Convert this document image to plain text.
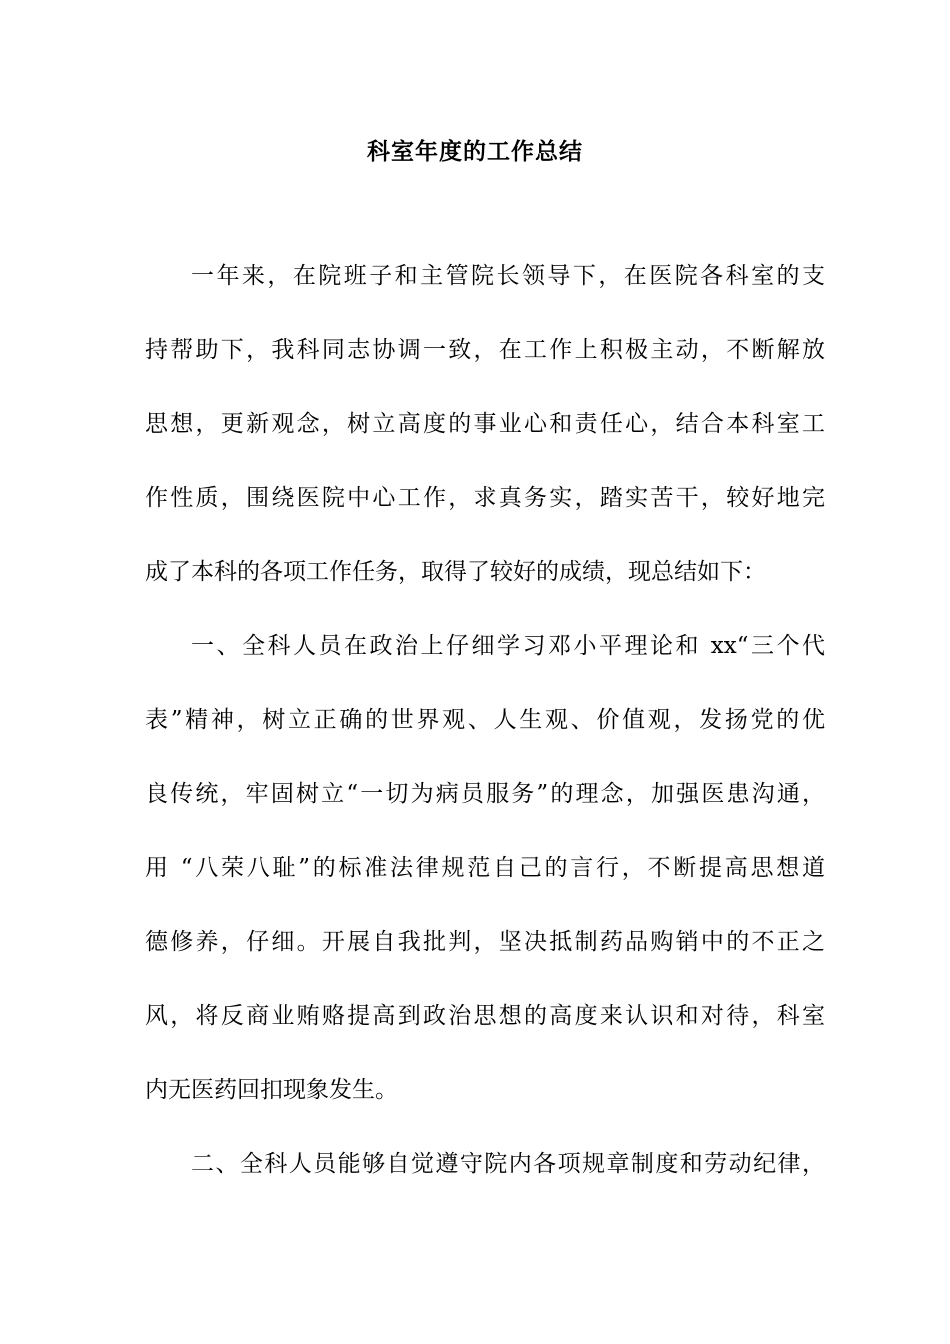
科室年度的工作总结
一年来，在院班子和主管院长领导下，在医院各科室的支
持帮助下，我科同志协调一致，在工作上积极主动，不断解放
思想，更新观念，树立高度的事业心和责任心，结合本科室工
作性质，围绕医院中心工作，求真务实，踏实苦干，较好地完
成了本科的各项工作任务，取得了较好的成绩，现总结如下：
一、全科人员在政治上仔细学习邓小平理论和 xx“三个代
表”精神，树立正确的世界观、人生观、价值观，发扬党的优
良传统，牢固树立“一切为病员服务”的理念，加强医患沟通，
用 “八荣八耻”的标准法律规范自己的言行，不断提高思想道
德修养，仔细。开展自我批判，坚决抵制药品购销中的不正之
风，将反商业贿赂提高到政治思想的高度来认识和对待，科室
内无医药回扣现象发生。
二、全科人员能够自觉遵守院内各项规章制度和劳动纪律，
